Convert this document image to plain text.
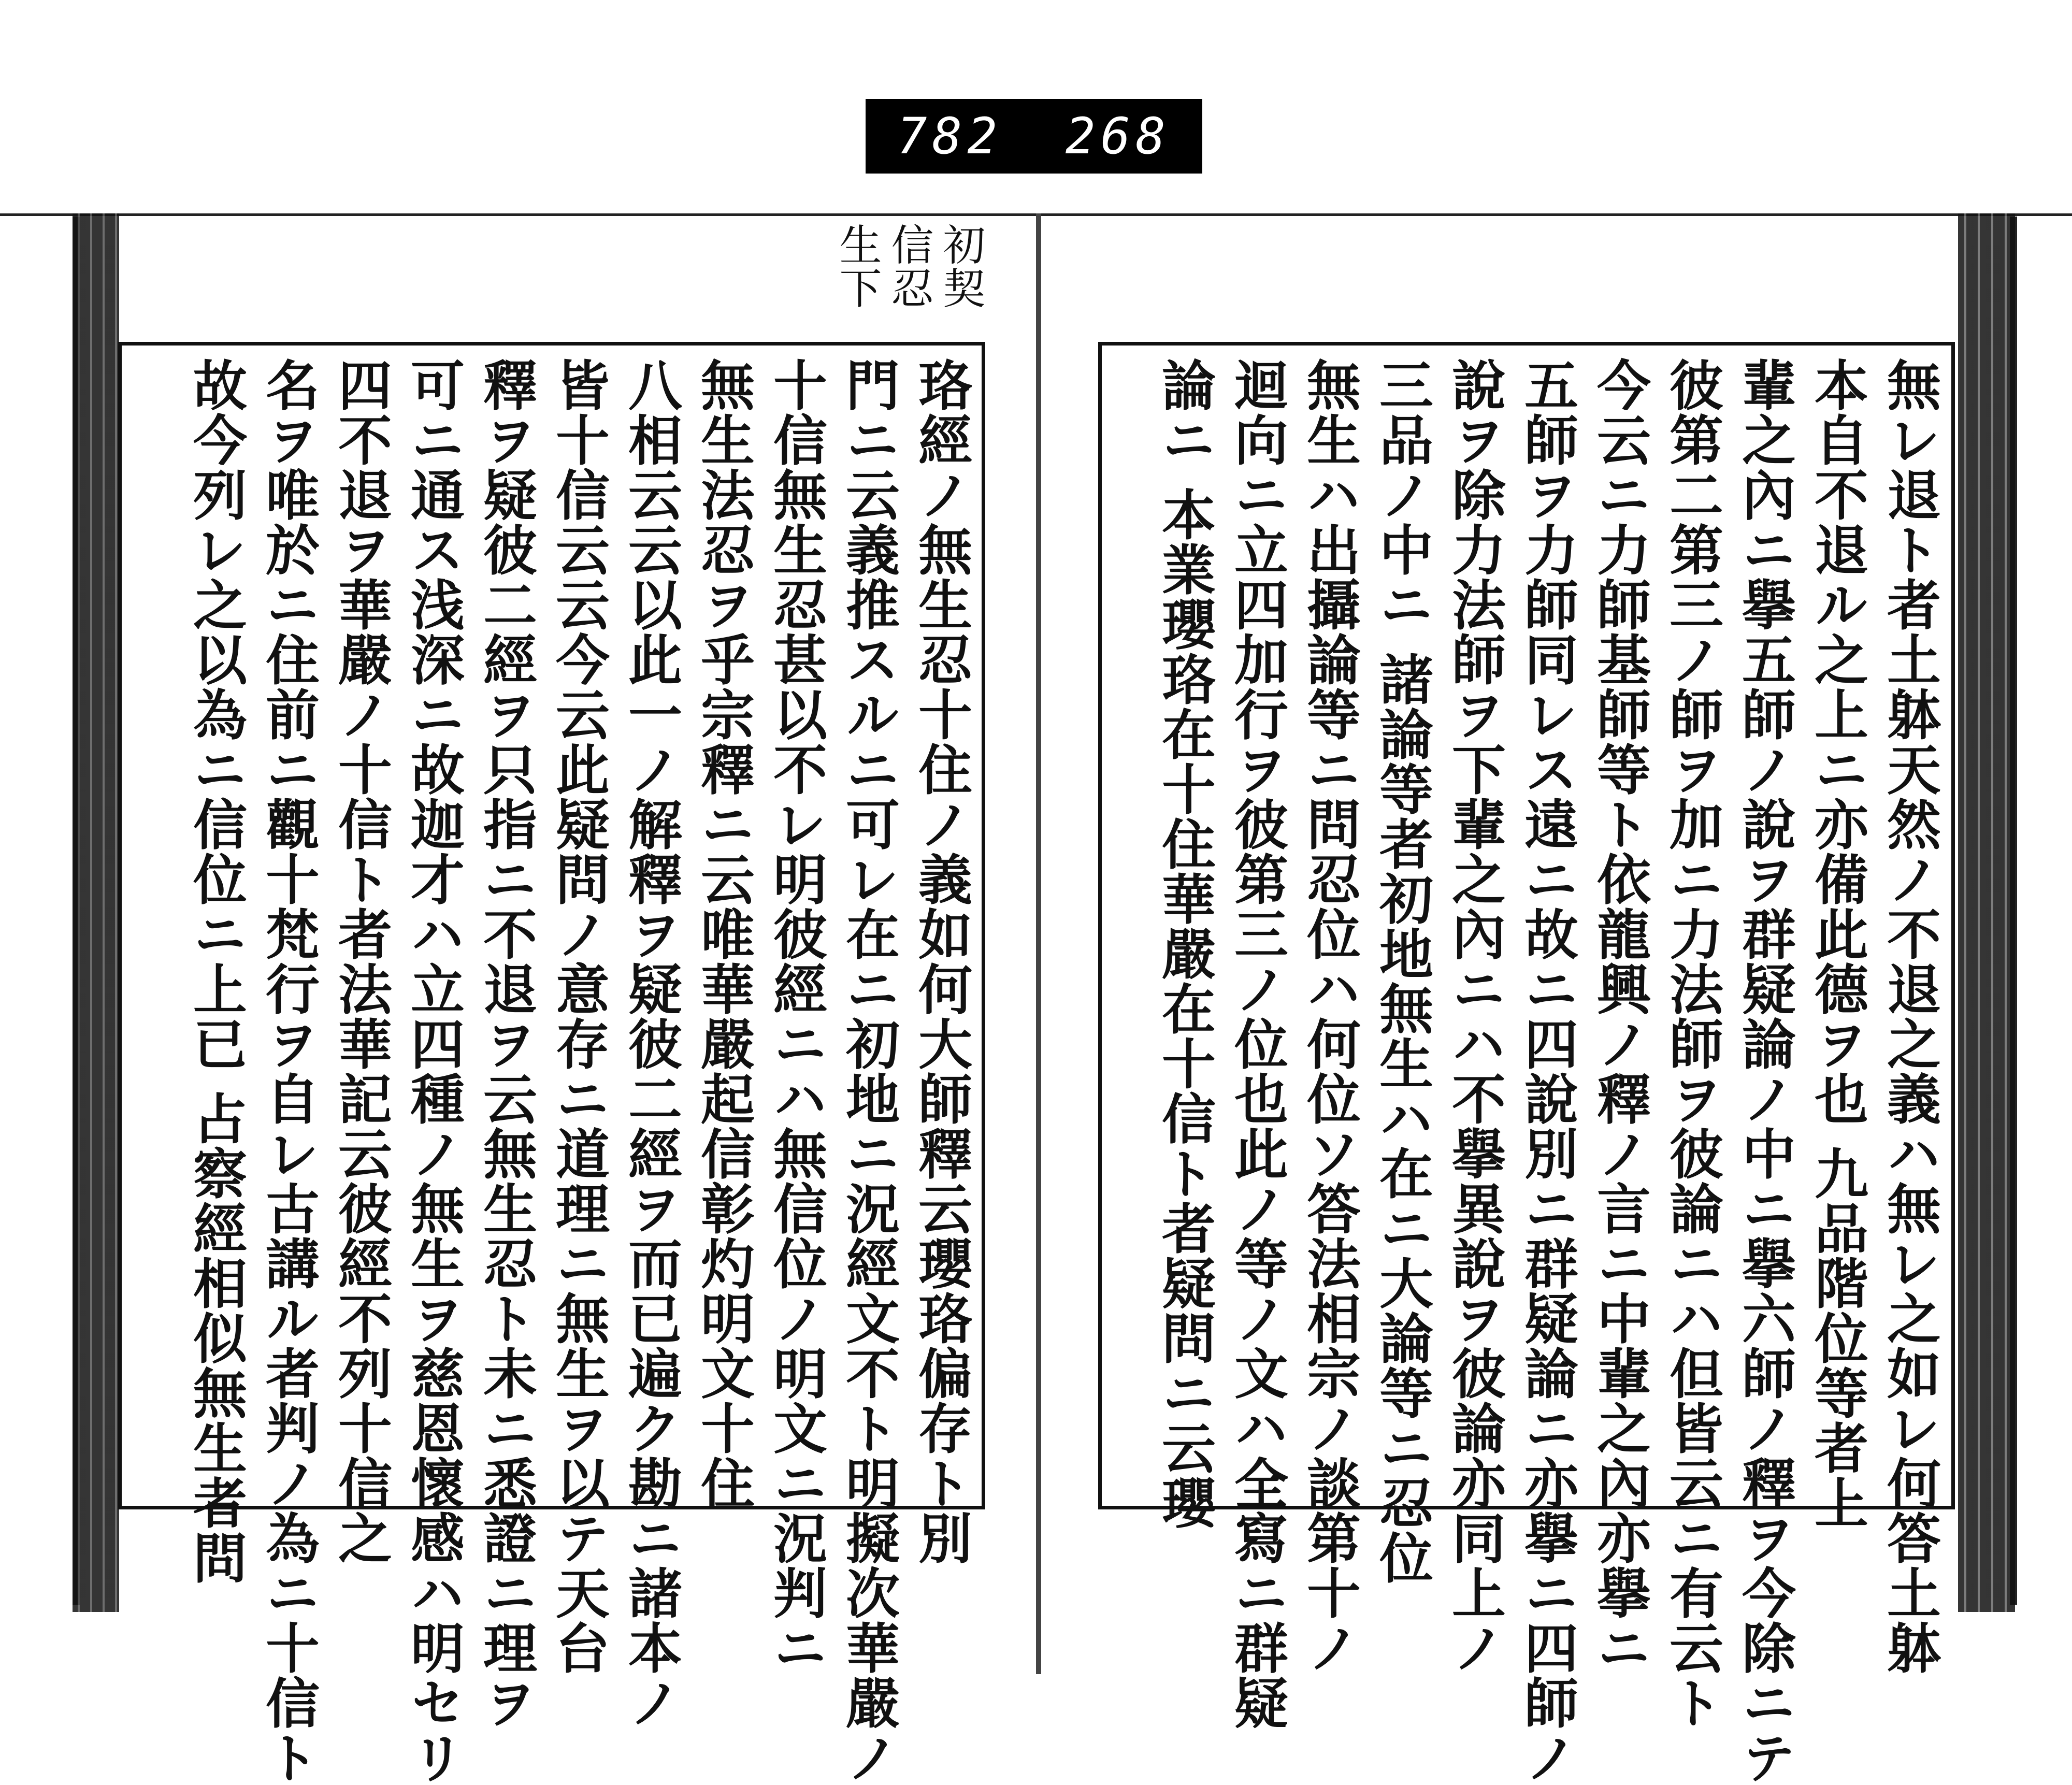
782 268
初契
信忍
生下
珞經ノ無生忍十住ノ義如何大師釋云瓔珞偏存ト別
門ニ云義推スルニ可レ在ニ初地ニ況經文不ト明擬次華嚴ノ
十信無生忍甚以不レ明彼經ニハ無信位ノ明文ニ況判ニ
無生法忍ヲ乎宗釋ニ云唯華嚴起信彰灼明文十住
八相云云以此一ノ解釋ヲ疑彼二經ヲ而已遍ク勘ニ諸本ノ
皆十信云云今云此疑問ノ意存ニ道理ニ無生ヲ以テ天台
釋ヲ疑彼二經ヲ只指ニ不退ヲ云無生忍ト未ニ悉證ニ理ヲ
可ニ通ス浅深ニ故迦才ハ立四種ノ無生ヲ慈恩懷感ハ明セリ
四不退ヲ華嚴ノ十信ト者法華記云彼經不列十信之
名ヲ唯於ニ住前ニ觀十梵行ヲ自レ古講ル者判ノ為ニ十信ト
故今列レ之以為ニ信位ニ上已 占察經相似無生者問	無レ退ト者土躰天然ノ不退之義ハ無レ之如レ何答土躰
本自不退ル之上ニ亦備此德ヲ也 九品階位等者上
輩之內ニ擧五師ノ說ヲ群疑論ノ中ニ擧六師ノ釋ヲ今除ニテ
彼第二第三ノ師ヲ加ニ力法師ヲ彼論ニハ但皆云ニ有云ト
今云ニ力師基師等ト依龍興ノ釋ノ言ニ中輩之內亦擧ニ
五師ヲ力師同レス遠ニ故ニ四說別ニ群疑論ニ亦擧ニ四師ノ
說ヲ除力法師ヲ下輩之內ニハ不擧異說ヲ彼論亦同上ノ
三品ノ中ニ 諸論等者初地無生ハ在ニ大論等ニ忍位
無生ハ出攝論等ニ問忍位ハ何位ソ答法相宗ノ談第十ノ
迴向ニ立四加行ヲ彼第三ノ位也此ノ等ノ文ハ全寫ニ群疑
論ニ 本業瓔珞在十住華嚴在十信ト者疑問ニ云瓔
